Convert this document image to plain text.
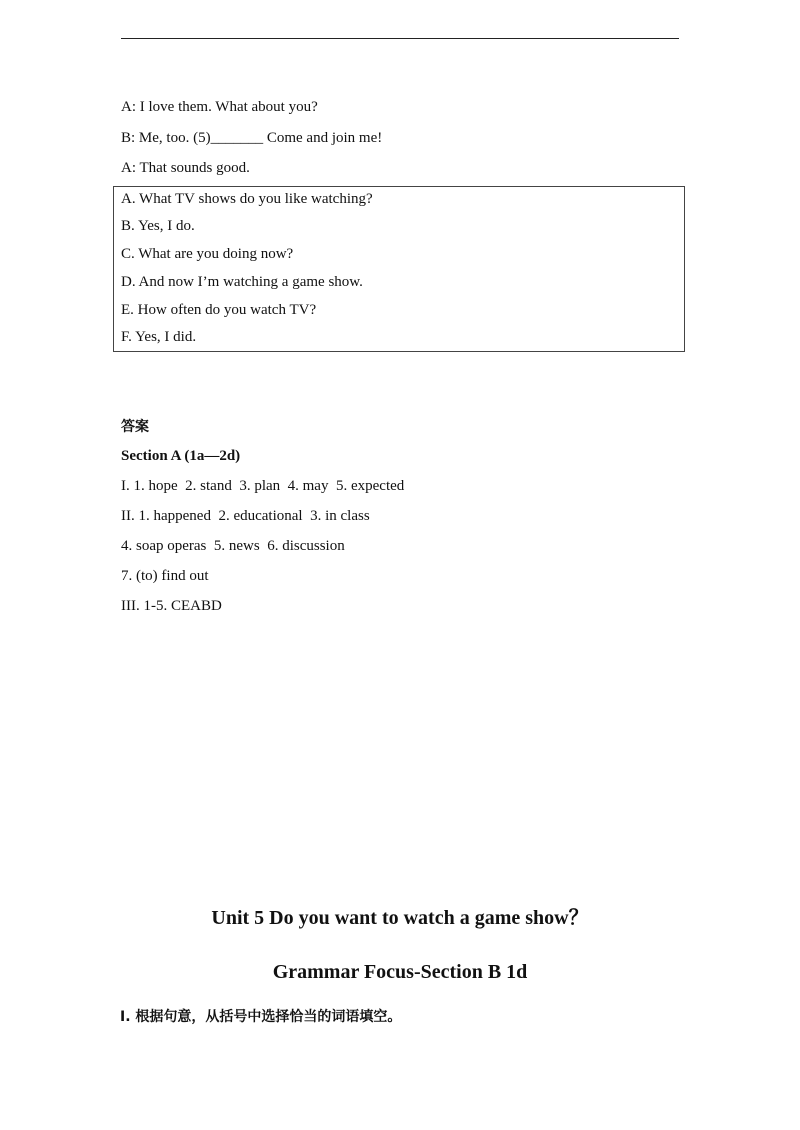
A: I love them. What about you?
B: Me, too. (5)_______ Come and join me!
A: That sounds good.
A. What TV shows do you like watching?
B. Yes, I do.
C. What are you doing now?
D. And now I’m watching a game show.
E. How often do you watch TV?
F. Yes, I did.
答案
Section A (1a—2d)
I. 1. hope  2. stand  3. plan  4. may  5. expected
II. 1. happened  2. educational  3. in class
4. soap operas  5. news  6. discussion
7. (to) find out
III. 1-5. CEABD
Unit 5 Do you want to watch a game show？
Grammar Focus-Section B 1d
Ⅰ. 根据句意，从括号中选择恰当的词语填空。
